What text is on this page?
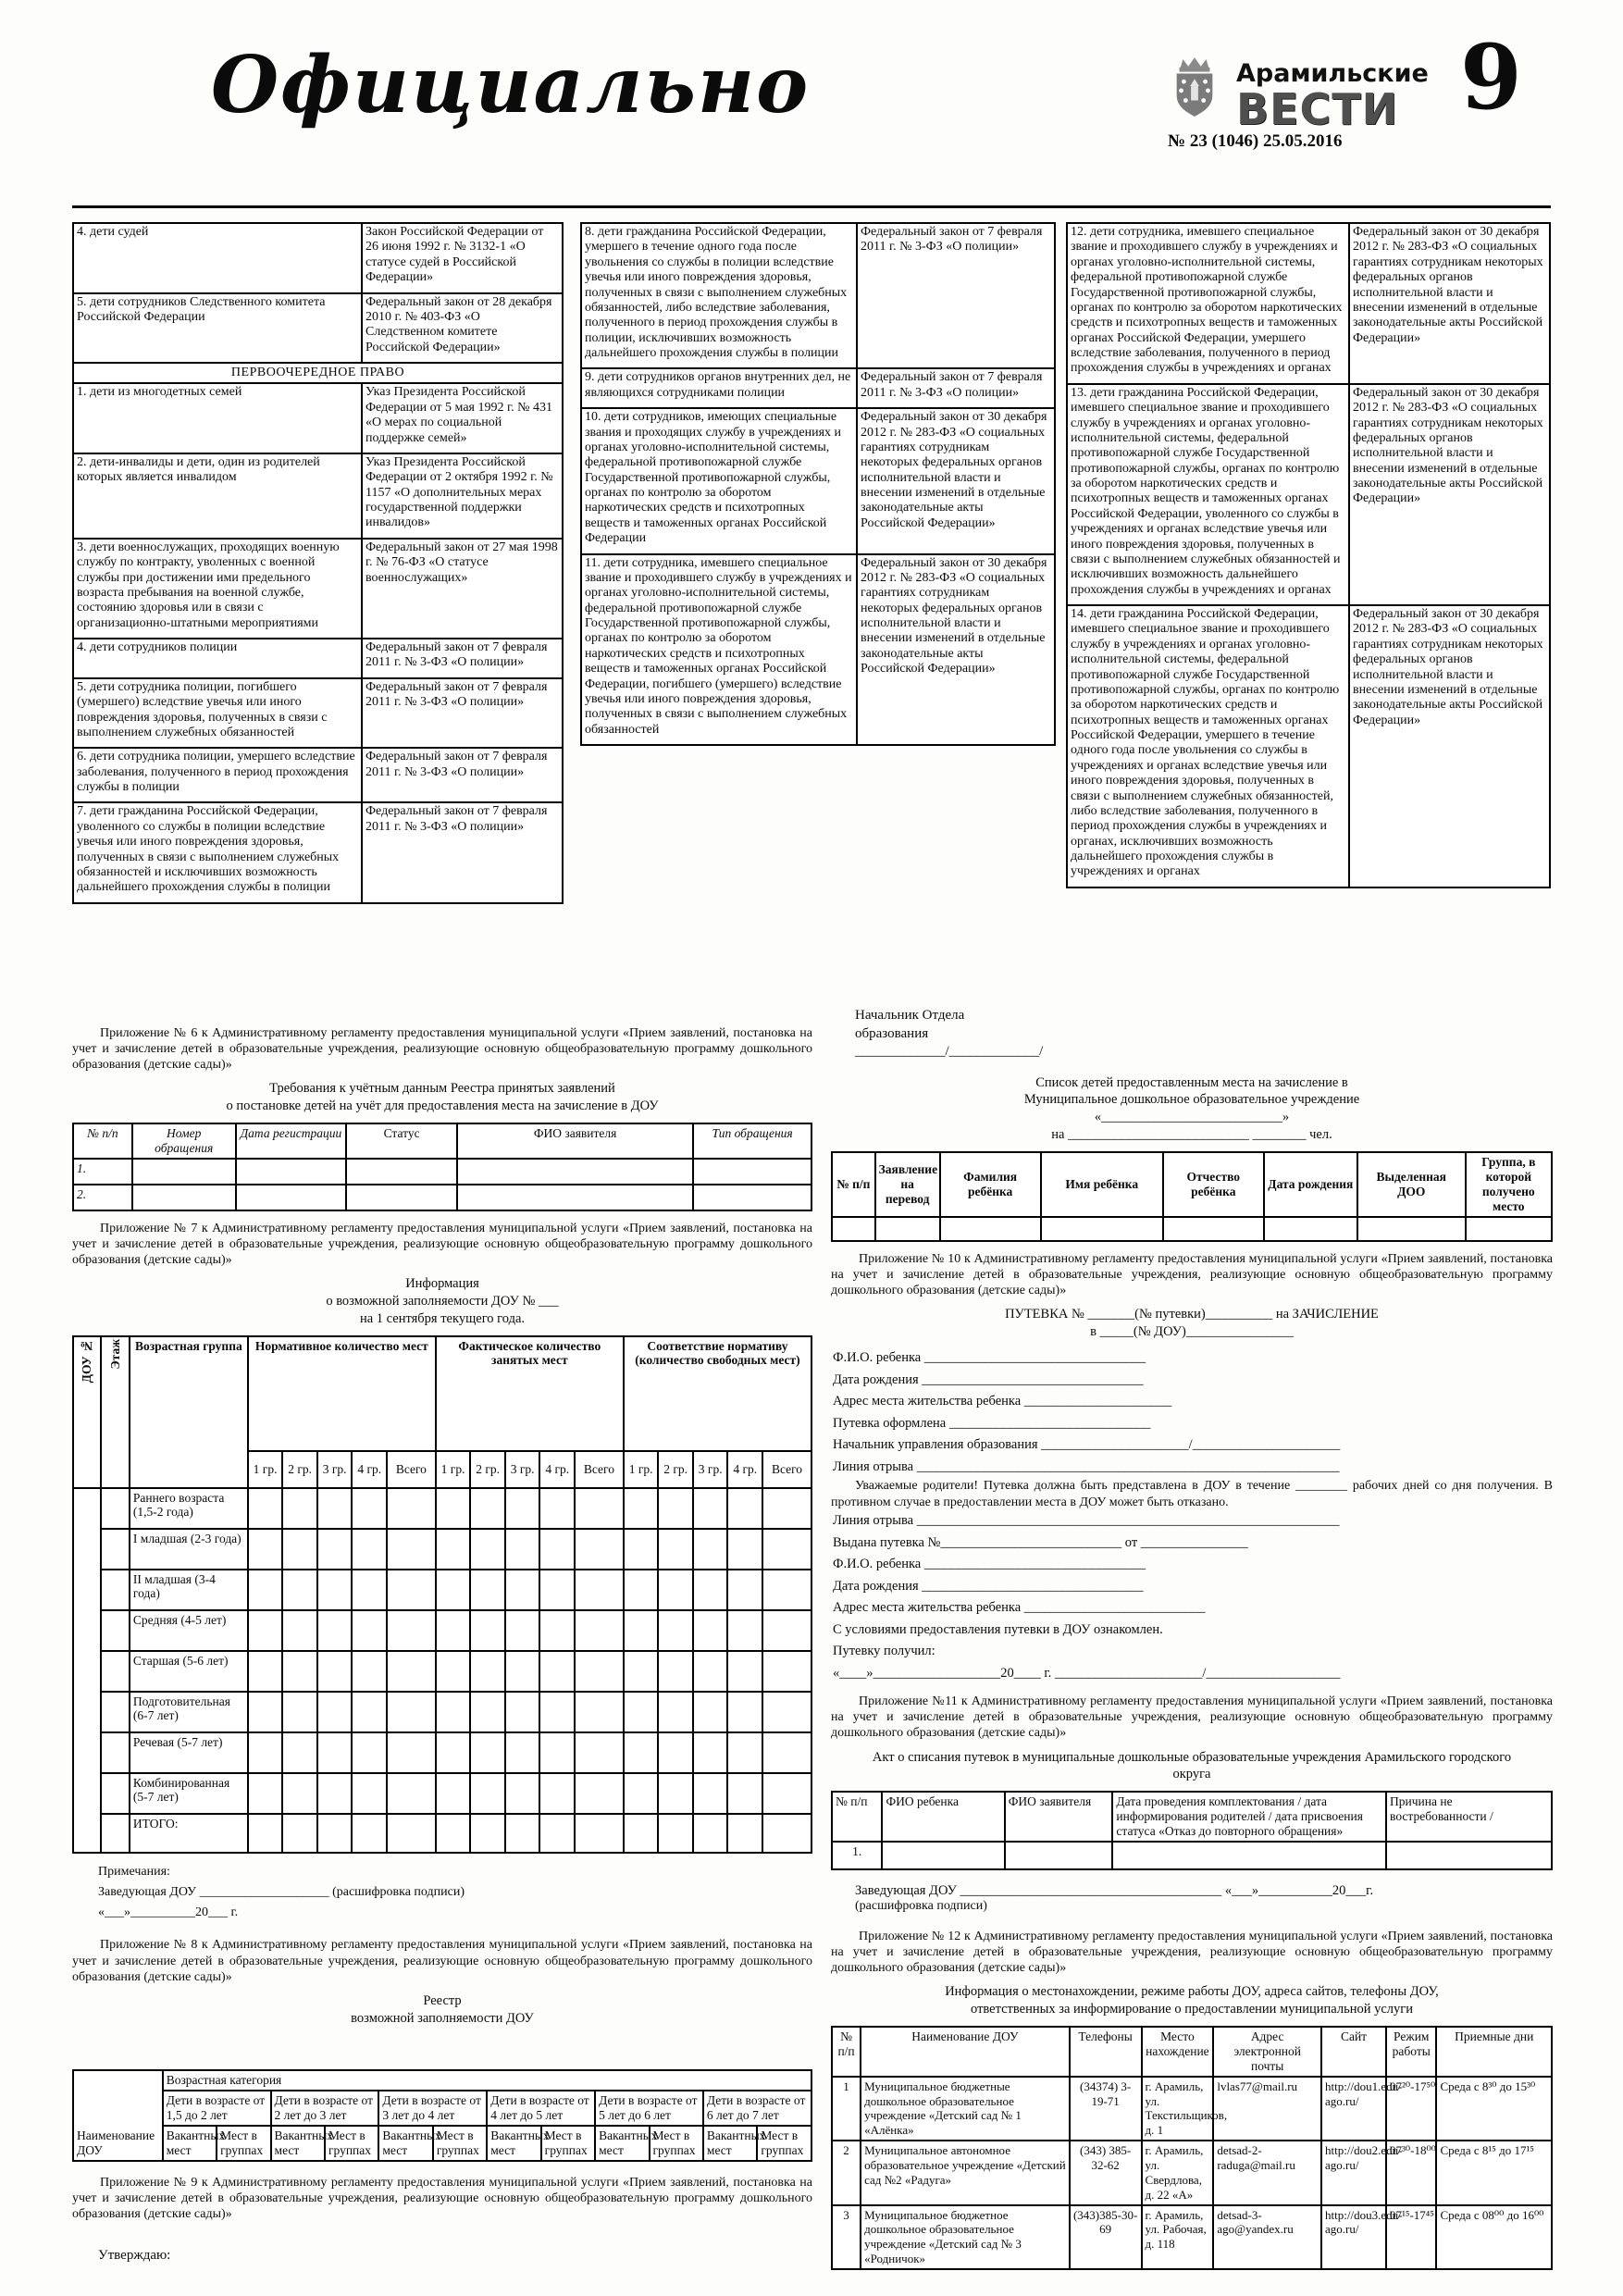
Официально	Арамильские
ВЕСТИ 9
№ 23 (1046) 25.05.2016
4. дети судей	Закон Российской Федерации от 26 июня 1992 г. № 3132-1 «О статусе судей в Российской Федерации»
5. дети сотрудников Следственного комитета Российской Федерации	Федеральный закон от 28 декабря 2010 г. № 403-ФЗ «О Следственном комитете Российской Федерации»
ПЕРВООЧЕРЕДНОЕ ПРАВО	
1. дети из многодетных семей	Указ Президента Российской Федерации от 5 мая 1992 г. № 431 «О мерах по социальной поддержке семей»
2. дети-инвалиды и дети, один из родителей которых является инвалидом	Указ Президента Российской Федерации от 2 октября 1992 г. № 1157 «О дополнительных мерах государственной поддержки инвалидов»
3. дети военнослужащих, проходящих военную службу по контракту, уволенных с военной службы при достижении ими предельного возраста пребывания на военной службе, состоянию здоровья или в связи с организационно-штатными мероприятиями	Федеральный закон от 27 мая 1998 г. № 76-ФЗ «О статусе военнослужащих»
4. дети сотрудников полиции	Федеральный закон от 7 февраля 2011 г. № 3-ФЗ «О полиции»
5. дети сотрудника полиции, погибшего (умершего) вследствие увечья или иного повреждения здоровья, полученных в связи с выполнением служебных обязанностей	Федеральный закон от 7 февраля 2011 г. № 3-ФЗ «О полиции»
6. дети сотрудника полиции, умершего вследствие заболевания, полученного в период прохождения службы в полиции	Федеральный закон от 7 февраля 2011 г. № 3-ФЗ «О полиции»
7. дети гражданина Российской Федерации, уволенного со службы в полиции вследствие увечья или иного повреждения здоровья, полученных в связи с выполнением служебных обязанностей и исключивших возможность дальнейшего прохождения службы в полиции	Федеральный закон от 7 февраля 2011 г. № 3-ФЗ «О полиции»
8. дети гражданина Российской Федерации, умершего в течение одного года после увольнения со службы в полиции вследствие увечья или иного повреждения здоровья, полученных в связи с выполнением служебных обязанностей, либо вследствие заболевания, полученного в период прохождения службы в полиции, исключивших возможность дальнейшего прохождения службы в полиции	Федеральный закон от 7 февраля 2011 г. № 3-ФЗ «О полиции»
9. дети сотрудников органов внутренних дел, не являющихся сотрудниками полиции	Федеральный закон от 7 февраля 2011 г. № 3-ФЗ «О полиции»
10. дети сотрудников, имеющих специальные звания и проходящих службу в учреждениях и органах уголовно-исполнительной системы, федеральной противопожарной службе Государственной противопожарной службы, органах по контролю за оборотом наркотических средств и психотропных веществ и таможенных органах Российской Федерации	Федеральный закон от 30 декабря 2012 г. № 283-ФЗ «О социальных гарантиях сотрудникам некоторых федеральных органов исполнительной власти и внесении изменений в отдельные законодательные акты Российской Федерации»
11. дети сотрудника, имевшего специальное звание и проходившего службу в учреждениях и органах уголовно-исполнительной системы, федеральной противопожарной службе Государственной противопожарной службы, органах по контролю за оборотом наркотических средств и психотропных веществ и таможенных органах Российской Федерации, погибшего (умершего) вследствие увечья или иного повреждения здоровья, полученных в связи с выполнением служебных обязанностей	Федеральный закон от 30 декабря 2012 г. № 283-ФЗ «О социальных гарантиях сотрудникам некоторых федеральных органов исполнительной власти и внесении изменений в отдельные законодательные акты Российской Федерации»
12. дети сотрудника, имевшего специальное звание и проходившего службу в учреждениях и органах уголовно-исполнительной системы, федеральной противопожарной службе Государственной противопожарной службы, органах по контролю за оборотом наркотических средств и психотропных веществ и таможенных органах Российской Федерации, умершего вследствие заболевания, полученного в период прохождения службы в учреждениях и органах	Федеральный закон от 30 декабря 2012 г. № 283-ФЗ «О социальных гарантиях сотрудникам некоторых федеральных органов исполнительной власти и внесении изменений в отдельные законодательные акты Российской Федерации»
13. дети гражданина Российской Федерации, имевшего специальное звание и проходившего службу в учреждениях и органах уголовно-исполнительной системы, федеральной противопожарной службе Государственной противопожарной службы, органах по контролю за оборотом наркотических средств и психотропных веществ и таможенных органах Российской Федерации, уволенного со службы в учреждениях и органах вследствие увечья или иного повреждения здоровья, полученных в связи с выполнением служебных обязанностей и исключивших возможность дальнейшего прохождения службы в учреждениях и органах	Федеральный закон от 30 декабря 2012 г. № 283-ФЗ «О социальных гарантиях сотрудникам некоторых федеральных органов исполнительной власти и внесении изменений в отдельные законодательные акты Российской Федерации»
14. дети гражданина Российской Федерации, имевшего специальное звание и проходившего службу в учреждениях и органах уголовно-исполнительной системы, федеральной противопожарной службе Государственной противопожарной службы, органах по контролю за оборотом наркотических средств и психотропных веществ и таможенных органах Российской Федерации, умершего в течение одного года после увольнения со службы в учреждениях и органах вследствие увечья или иного повреждения здоровья, полученных в связи с выполнением служебных обязанностей, либо вследствие заболевания, полученного в период прохождения службы в учреждениях и органах, исключивших возможность дальнейшего прохождения службы в учреждениях и органах	Федеральный закон от 30 декабря 2012 г. № 283-ФЗ «О социальных гарантиях сотрудникам некоторых федеральных органов исполнительной власти и внесении изменений в отдельные законодательные акты Российской Федерации»

Приложение № 6 к Административному регламенту предоставления муниципальной услуги «Прием заявлений, постановка на учет и зачисление детей в образовательные учреждения, реализующие основную общеобразовательную программу дошкольного образования (детские сады)»

Требования к учётным данным Реестра принятых заявлений
о постановке детей на учёт для предоставления места на зачисление в ДОУ
№ п/п	Номер обращения	Дата регистрации	Статус	ФИО заявителя	Тип обращения
1.					
2.					

Приложение № 7 к Административному регламенту предоставления муниципальной услуги «Прием заявлений, постановка на учет и зачисление детей в образовательные учреждения, реализующие основную общеобразовательную программу дошкольного образования (детские сады)»

Информация
о возможной заполняемости ДОУ № ___
на 1 сентября текущего года.
ДОУ №	Этаж	Возрастная группа	Нормативное количество мест					Фактическое количество занятых мест					Соответствие нормативу (количество свободных мест)				
			1 гр.	2 гр.	3 гр.	4 гр.	Всего	1 гр.	2 гр.	3 гр.	4 гр.	Всего	1 гр.	2 гр.	3 гр.	4 гр.	Всего
		Раннего возраста (1,5-2 года)															
		I младшая (2-3 года)															
		II младшая (3-4 года)															
		Средняя (4-5 лет)															
		Старшая (5-6 лет)															
		Подготовительная (6-7 лет)															
		Речевая (5-7 лет)															
		Комбинированная (5-7 лет)															
		ИТОГО:															
Примечания:
Заведующая ДОУ ____________________ (расшифровка подписи)
«___»__________20___ г.

Приложение № 8 к Административному регламенту предоставления муниципальной услуги «Прием заявлений, постановка на учет и зачисление детей в образовательные учреждения, реализующие основную общеобразовательную программу дошкольного образования (детские сады)»

Реестр
возможной заполняемости ДОУ
Наименование ДОУ	Возрастная категория											
	Дети в возрасте от 1,5 до 2 лет		Дети в возрасте от 2 лет до 3 лет		Дети в возрасте от 3 лет до 4 лет		Дети в возрасте от 4 лет до 5 лет		Дети в возрасте от 5 лет до 6 лет		Дети в возрасте от 6 лет до 7 лет	
	Вакантных мест	Мест в группах	Вакантных мест	Мест в группах	Вакантных мест	Мест в группах	Вакантных мест	Мест в группах	Вакантных мест	Мест в группах	Вакантных мест	Мест в группах

Приложение № 9 к Административному регламенту предоставления муниципальной услуги «Прием заявлений, постановка на учет и зачисление детей в образовательные учреждения, реализующие основную общеобразовательную программу дошкольного образования (детские сады)»

Утверждаю:
Начальник Отдела
образования
_____________/_____________/
Список детей предоставленным места на зачисление в
Муниципальное дошкольное образовательное учреждение
«___________________________»
на ___________________________ ________ чел.
№ п/п	Заявление на перевод	Фамилия ребёнка	Имя ребёнка	Отчество ребёнка	Дата рождения	Выделенная ДОО	Группа, в которой получено место

Приложение № 10 к Административному регламенту предоставления муниципальной услуги «Прием заявлений, постановка на учет и зачисление детей в образовательные учреждения, реализующие основную общеобразовательную программу дошкольного образования (детские сады)»

ПУТЕВКА № _______(№ путевки)__________ на ЗАЧИСЛЕНИЕ
в _____(№ ДОУ)________________
Ф.И.О. ребенка _________________________________
Дата рождения _________________________________
Адрес места жительства ребенка ______________________
Путевка оформлена ______________________________
Начальник управления образования ______________________/______________________
Линия отрыва _______________________________________________________________

Уважаемые родители! Путевка должна быть представлена в ДОУ в течение ________ рабочих дней со дня получения. В противном случае в предоставлении места в ДОУ может быть отказано.

Линия отрыва _______________________________________________________________
Выдана путевка №___________________________ от ________________
Ф.И.О. ребенка _________________________________
Дата рождения _________________________________
Адрес места жительства ребенка ___________________________
С условиями предоставления путевки в ДОУ ознакомлен.
Путевку получил:
«____»___________________20____ г. ______________________/____________________

Приложение №11 к Административному регламенту предоставления муниципальной услуги «Прием заявлений, постановка на учет и зачисление детей в образовательные учреждения, реализующие основную общеобразовательную программу дошкольного образования (детские сады)»

Акт о списания путевок в муниципальные дошкольные образовательные учреждения Арамильского городского округа
№ п/п	ФИО ребенка	ФИО заявителя	Дата проведения комплектования / дата информирования родителей / дата присвоения статуса «Отказ до повторного обращения»	Причина не востребованности /
1.				
Заведующая ДОУ _______________________________________ «___»___________20___г.
(расшифровка подписи)

Приложение № 12 к Административному регламенту предоставления муниципальной услуги «Прием заявлений, постановка на учет и зачисление детей в образовательные учреждения, реализующие основную общеобразовательную программу дошкольного образования (детские сады)»

Информация о местонахождении, режиме работы ДОУ, адреса сайтов, телефоны ДОУ,
ответственных за информирование о предоставлении муниципальной услуги
№ п/п	Наименование ДОУ	Телефоны	Место нахождение	Адрес электронной почты	Сайт	Режим работы	Приемные дни
1	Муниципальное бюджетные дошкольное образовательное учреждение «Детский сад № 1 «Алёнка»	(34374) 3-19-71	г. Арамиль, ул. Текстильщиков, д. 1	lvlas77@mail.ru	http://dou1.edu-ago.ru/	07²⁰-17⁵⁰	Среда с 8³⁰ до 15³⁰
2	Муниципальное автономное образовательное учреждение «Детский сад №2 «Радуга»	(343) 385-32-62	г. Арамиль, ул. Свердлова, д. 22 «А»	detsad-2-raduga@mail.ru	http://dou2.edu-ago.ru/	07³⁰-18⁰⁰	Среда с 8¹⁵ до 17¹⁵
3	Муниципальное бюджетное дошкольное образовательное учреждение «Детский сад № 3 «Родничок»	(343)385-30-69	г. Арамиль, ул. Рабочая, д. 118	detsad-3-ago@yandex.ru	http://dou3.edu-ago.ru/	07¹⁵-17⁴⁵	Среда с 08⁰⁰ до 16⁰⁰
